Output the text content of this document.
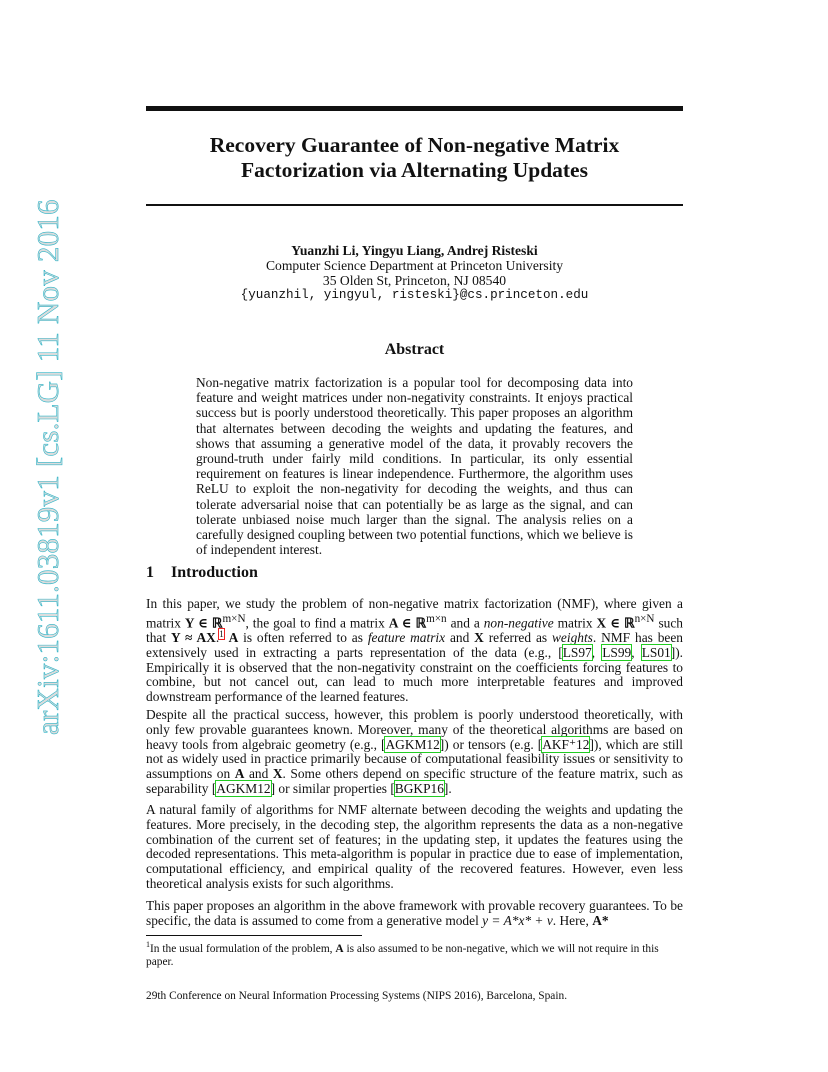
arXiv:1611.03819v1 [cs.LG] 11 Nov 2016
Recovery Guarantee of Non-negative Matrix
Factorization via Alternating Updates
Yuanzhi Li, Yingyu Liang, Andrej Risteski
Computer Science Department at Princeton University
35 Olden St, Princeton, NJ 08540
{yuanzhil, yingyul, risteski}@cs.princeton.edu
Abstract
Non-negative matrix factorization is a popular tool for decomposing data into feature and weight matrices under non-negativity constraints. It enjoys practical success but is poorly understood theoretically. This paper proposes an algorithm that alternates between decoding the weights and updating the features, and shows that assuming a generative model of the data, it provably recovers the ground-truth under fairly mild conditions. In particular, its only essential requirement on features is linear independence. Furthermore, the algorithm uses ReLU to exploit the non-negativity for decoding the weights, and thus can tolerate adversarial noise that can potentially be as large as the signal, and can tolerate unbiased noise much larger than the signal. The analysis relies on a carefully designed coupling between two potential functions, which we believe is of independent interest.
1 Introduction
In this paper, we study the problem of non-negative matrix factorization (NMF), where given a matrix Y ∈ ℝ$^{m\times N}$, the goal to find a matrix A ∈ ℝ$^{m\times n}$ and a non-negative matrix X ∈ ℝ$^{n\times N}$ such that Y ≈ AX.$^1$ A is often referred to as feature matrix and X referred as weights. NMF has been extensively used in extracting a parts representation of the data (e.g., [LS97, LS99, LS01]). Empirically it is observed that the non-negativity constraint on the coefficients forcing features to combine, but not cancel out, can lead to much more interpretable features and improved downstream performance of the learned features.
Despite all the practical success, however, this problem is poorly understood theoretically, with only few provable guarantees known. Moreover, many of the theoretical algorithms are based on heavy tools from algebraic geometry (e.g., [AGKM12]) or tensors (e.g. [AKF⁺12]), which are still not as widely used in practice primarily because of computational feasibility issues or sensitivity to assumptions on A and X. Some others depend on specific structure of the feature matrix, such as separability [AGKM12] or similar properties [BGKP16].
A natural family of algorithms for NMF alternate between decoding the weights and updating the features. More precisely, in the decoding step, the algorithm represents the data as a non-negative combination of the current set of features; in the updating step, it updates the features using the decoded representations. This meta-algorithm is popular in practice due to ease of implementation, computational efficiency, and empirical quality of the recovered features. However, even less theoretical analysis exists for such algorithms.
This paper proposes an algorithm in the above framework with provable recovery guarantees. To be specific, the data is assumed to come from a generative model y = A*x* + ν. Here, A*
$^1$In the usual formulation of the problem, A is also assumed to be non-negative, which we will not require in this paper.
29th Conference on Neural Information Processing Systems (NIPS 2016), Barcelona, Spain.
